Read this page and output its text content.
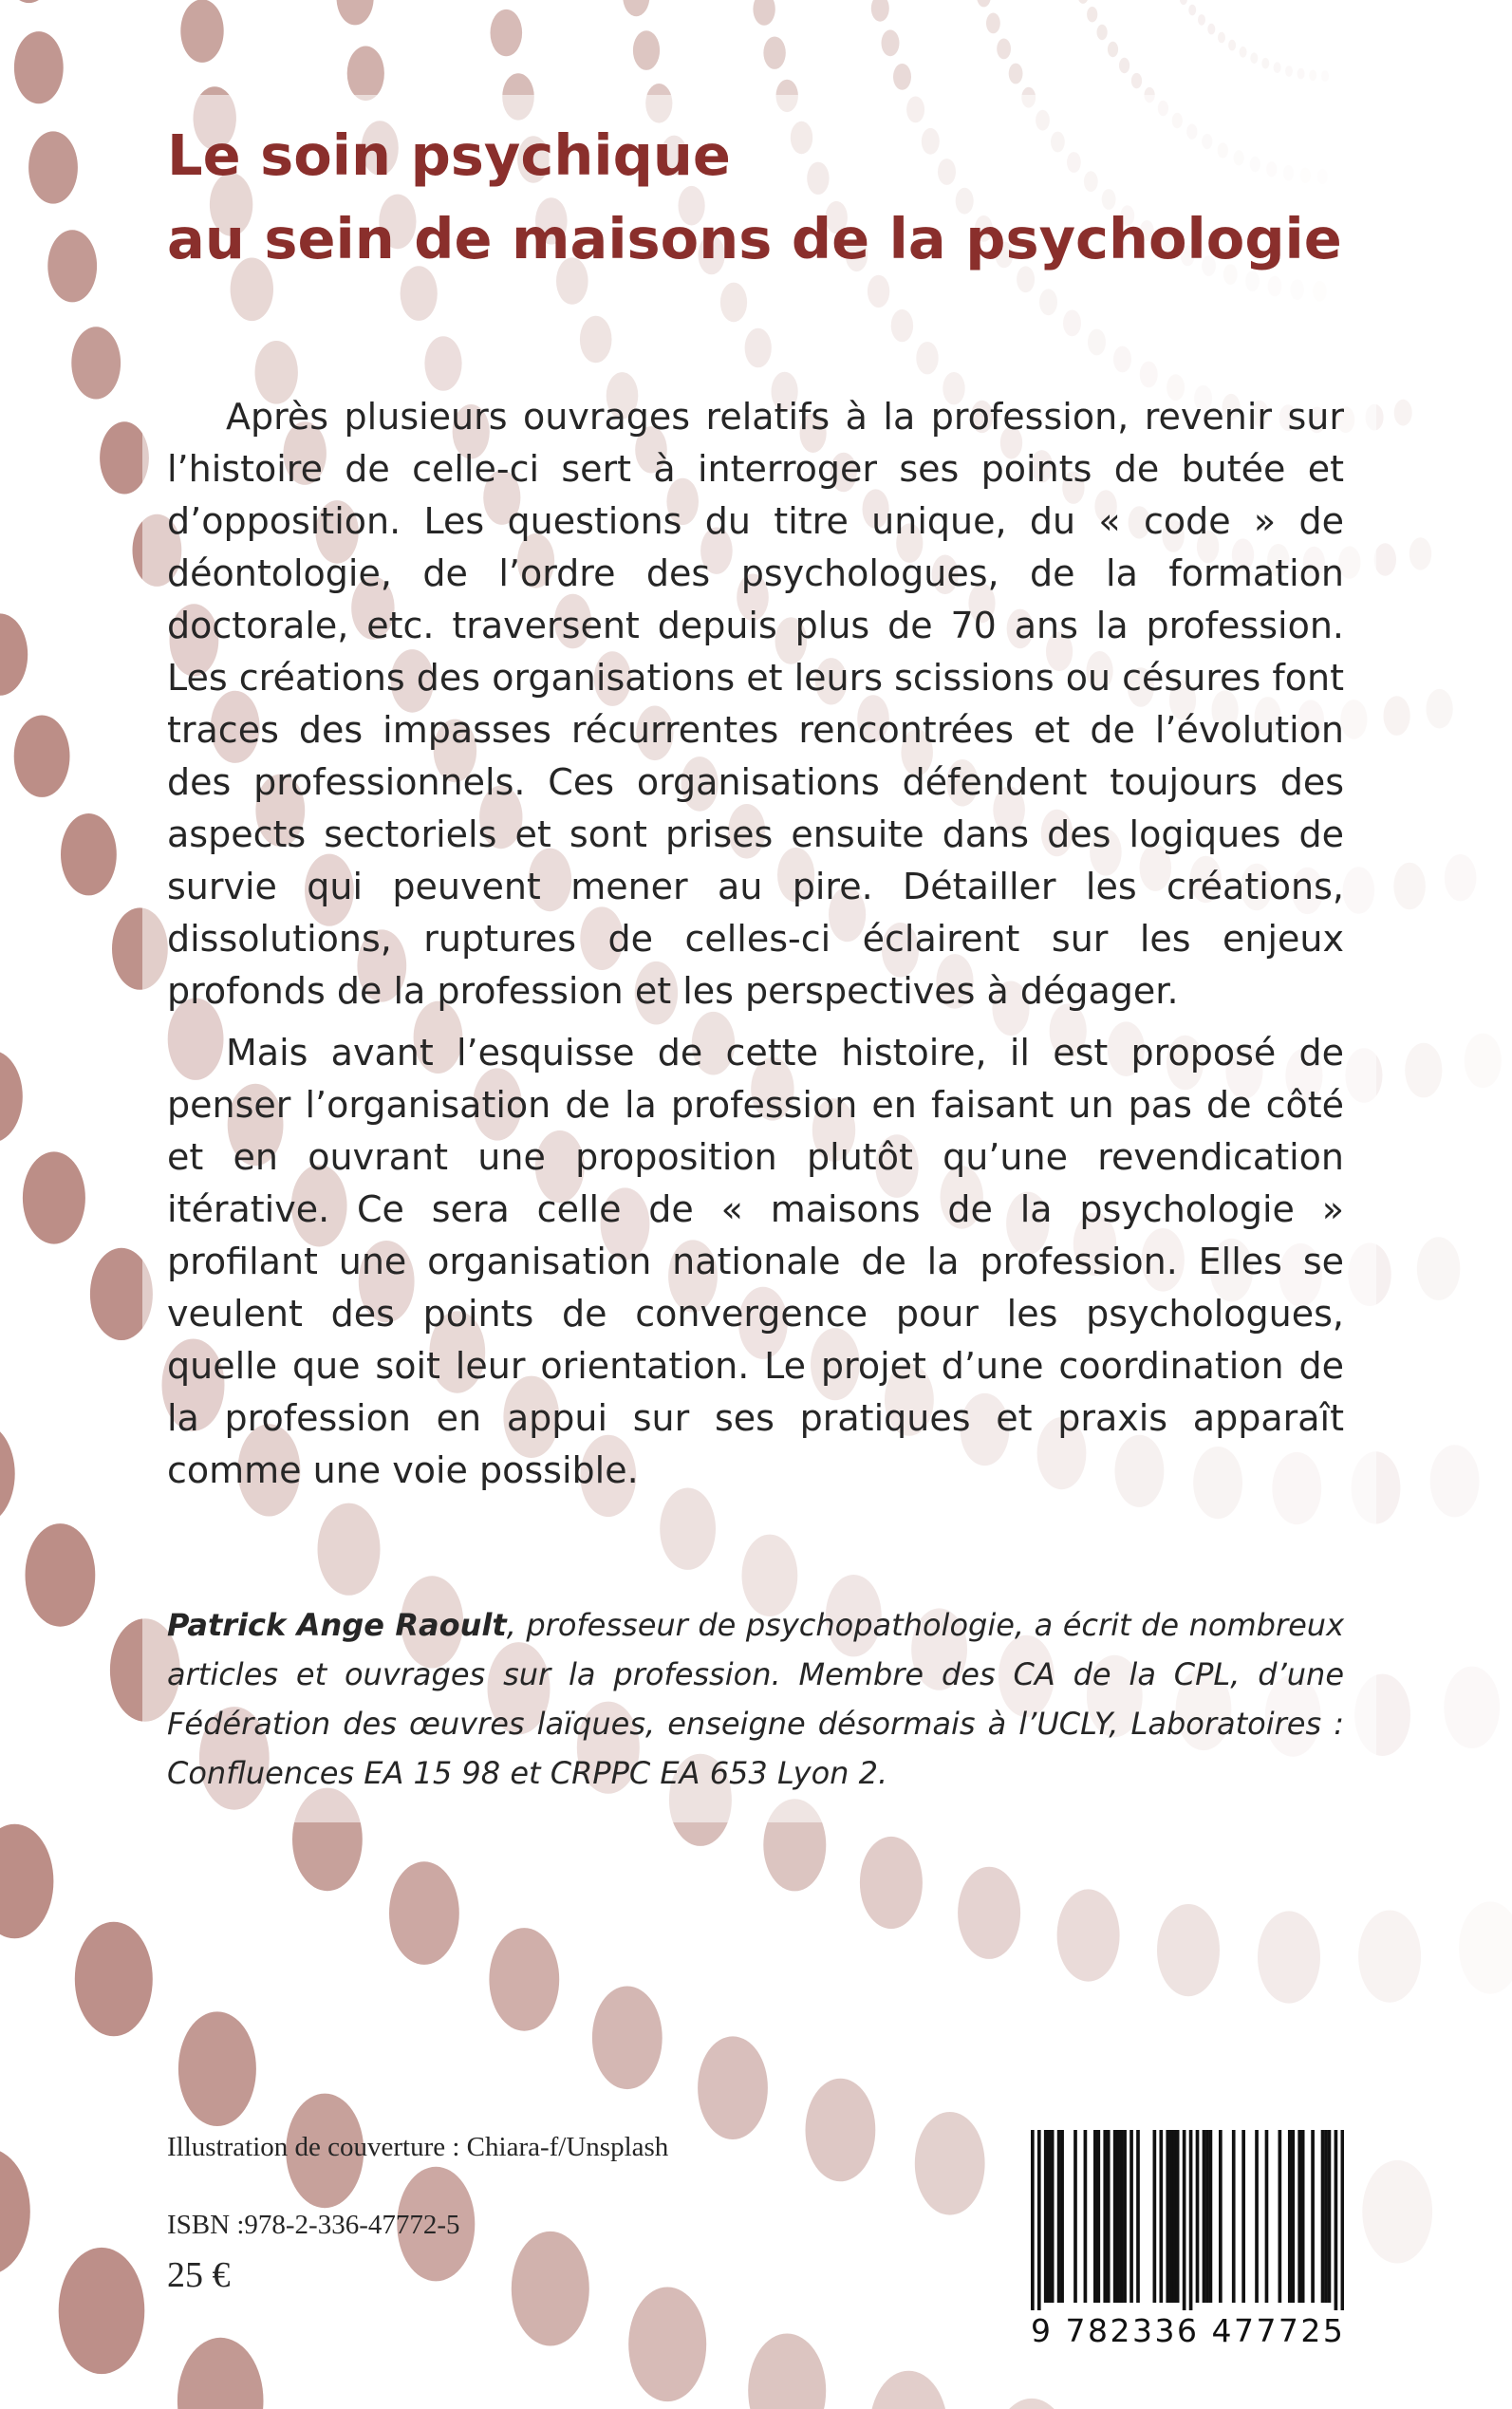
Le soin psychique
au sein de maisons de la psychologie

Après plusieurs ouvrages relatifs à la profession, revenir sur l’histoire de celle-ci sert à interroger ses points de butée et d’opposition. Les questions du titre unique, du « code » de déontologie, de l’ordre des psychologues, de la formation doctorale, etc. traversent depuis plus de 70 ans la profession. Les créations des organisations et leurs scissions ou césures font traces des impasses récurrentes rencontrées et de l’évolution des professionnels. Ces organisations défendent toujours des aspects sectoriels et sont prises ensuite dans des logiques de survie qui peuvent mener au pire. Détailler les créations, dissolutions, ruptures de celles-ci éclairent sur les enjeux profonds de la profession et les perspectives à dégager.

Mais avant l’esquisse de cette histoire, il est proposé de penser l’organisation de la profession en faisant un pas de côté et en ouvrant une proposition plutôt qu’une revendication itérative. Ce sera celle de « maisons de la psychologie » profilant une organisation nationale de la profession. Elles se veulent des points de convergence pour les psychologues, quelle que soit leur orientation. Le projet d’une coordination de la profession en appui sur ses pratiques et praxis apparaît comme une voie possible.

Patrick Ange Raoult, professeur de psychopathologie, a écrit de nombreux articles et ouvrages sur la profession. Membre des CA de la CPL, d’une Fédération des œuvres laïques, enseigne désormais à l’UCLY, Laboratoires : Confluences EA 15 98 et CRPPC EA 653 Lyon 2.
Illustration de couverture : Chiara-f/Unsplash
ISBN :978-2-336-47772-5
25 €
9 782336 477725
